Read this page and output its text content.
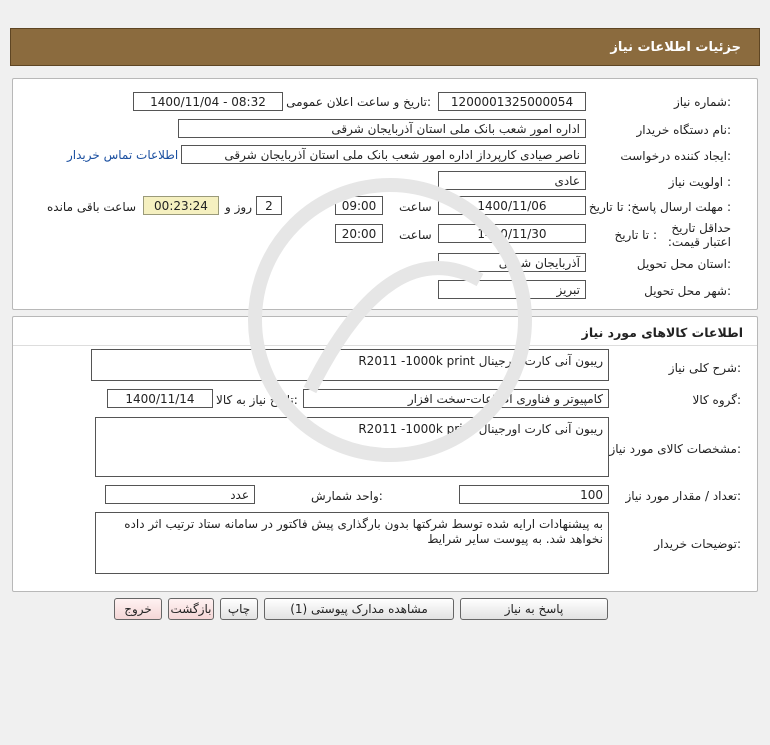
جزئیات اطلاعات نیاز
شماره نیاز:
1200001325000054
تاریخ و ساعت اعلان عمومی:
1400/11/04 - 08:32
نام دستگاه خریدار:
اداره امور شعب بانک ملی استان آذربایجان شرقی
ایجاد کننده درخواست:
ناصر صیادی کارپرداز اداره امور شعب بانک ملی استان آذربایجان شرقی
اطلاعات تماس خریدار
اولویت نیاز :
عادی
مهلت ارسال پاسخ: تا تاریخ :
1400/11/06
ساعت
09:00
2
روز و
00:23:24
ساعت باقی مانده
حداقل تاریخ اعتبار قیمت:
تا تاریخ :
1400/11/30
ساعت
20:00
استان محل تحویل:
آذربایجان شرقی
شهر محل تحویل:
تبریز
اطلاعات کالاهای مورد نیاز
شرح کلی نیاز:
ریبون آنی کارت اورجینال R2011 -1000k print
گروه کالا:
کامپیوتر و فناوری اطلاعات-سخت افزار
تاریخ نیاز به کالا:
1400/11/14
مشخصات کالای مورد نیاز:
ریبون آنی کارت اورجینال R2011 -1000k print
تعداد / مقدار مورد نیاز:
100
واحد شمارش:
عدد
توضیحات خریدار:
به پیشنهادات ارایه شده توسط شرکتها بدون بارگذاری پیش فاکتور در سامانه ستاد ترتیب اثر داده نخواهد شد. به پیوست سایر شرایط
پاسخ به نیاز
مشاهده مدارک پیوستی (1)
چاپ
بازگشت
خروج
